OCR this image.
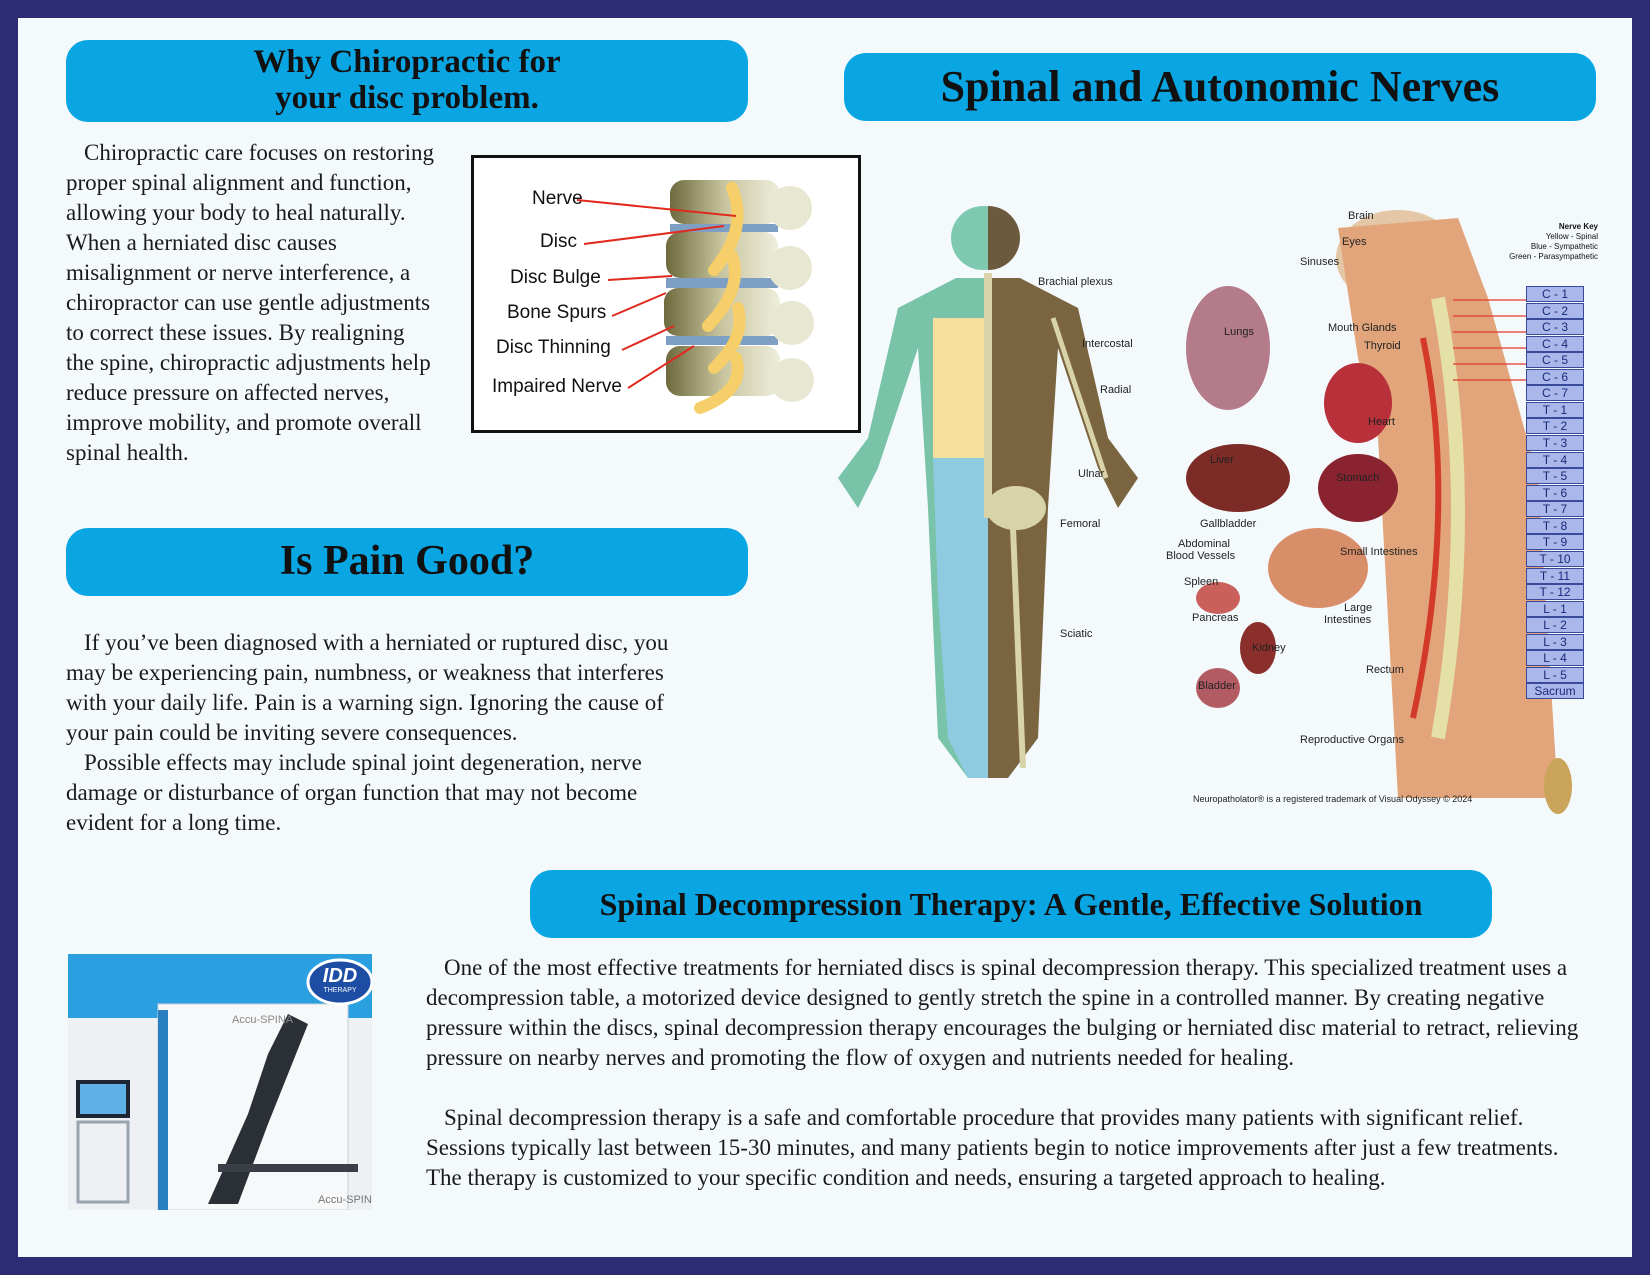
Why Chiropractic for
your disc problem.

Chiropractic care focuses on restoring proper spinal alignment and function, allowing your body to heal naturally. When a herniated disc causes misalignment or nerve interference, a chiropractor can use gentle adjustments to correct these issues. By realigning the spine, chiropractic adjustments help reduce pressure on affected nerves, improve mobility, and promote overall spinal health.

Nerve
Disc
Disc Bulge
Bone Spurs
Disc Thinning
Impaired Nerve
Spinal and Autonomic Nerves
Brachial plexus
Intercostal
Radial
Ulnar
Femoral
Sciatic
Brain
Eyes
Sinuses
Lungs	Mouth Glands
Thyroid
Heart
Liver
Stomach
Gallbladder
Abdominal
Blood Vessels	Small Intestines
Spleen
Large
Intestines
Pancreas
Kidney
Rectum
Bladder
Reproductive Organs
Nerve Key
Yellow - Spinal
Blue - Sympathetic
Green - Parasympathetic
Neuropatholator® is a registered trademark of Visual Odyssey © 2024
C - 1
C - 2
C - 3
C - 4
C - 5
C - 6
C - 7
T - 1
T - 2
T - 3
T - 4
T - 5
T - 6
T - 7
T - 8
T - 9
T - 10
T - 11
T - 12
L - 1
L - 2
L - 3
L - 4
L - 5
Sacrum
Is Pain Good?

If you’ve been diagnosed with a herniated or ruptured disc, you may be experiencing pain, numbness, or weakness that interferes with your daily life. Pain is a warning sign. Ignoring the cause of your pain could be inviting severe consequences.

Possible effects may include spinal joint degeneration, nerve damage or disturbance of organ function that may not become evident for a long time.

Spinal Decompression Therapy: A Gentle, Effective Solution
IDD
THERAPY
Accu-SPINA
Accu-SPIN

One of the most effective treatments for herniated discs is spinal decompression therapy. This specialized treatment uses a decompression table, a motorized device designed to gently stretch the spine in a controlled manner. By creating negative pressure within the discs, spinal decompression therapy encourages the bulging or herniated disc material to retract, relieving pressure on nearby nerves and promoting the flow of oxygen and nutrients needed for healing.

Spinal decompression therapy is a safe and comfortable procedure that provides many patients with significant relief. Sessions typically last between 15-30 minutes, and many patients begin to notice improvements after just a few treatments. The therapy is customized to your specific condition and needs, ensuring a targeted approach to healing.
